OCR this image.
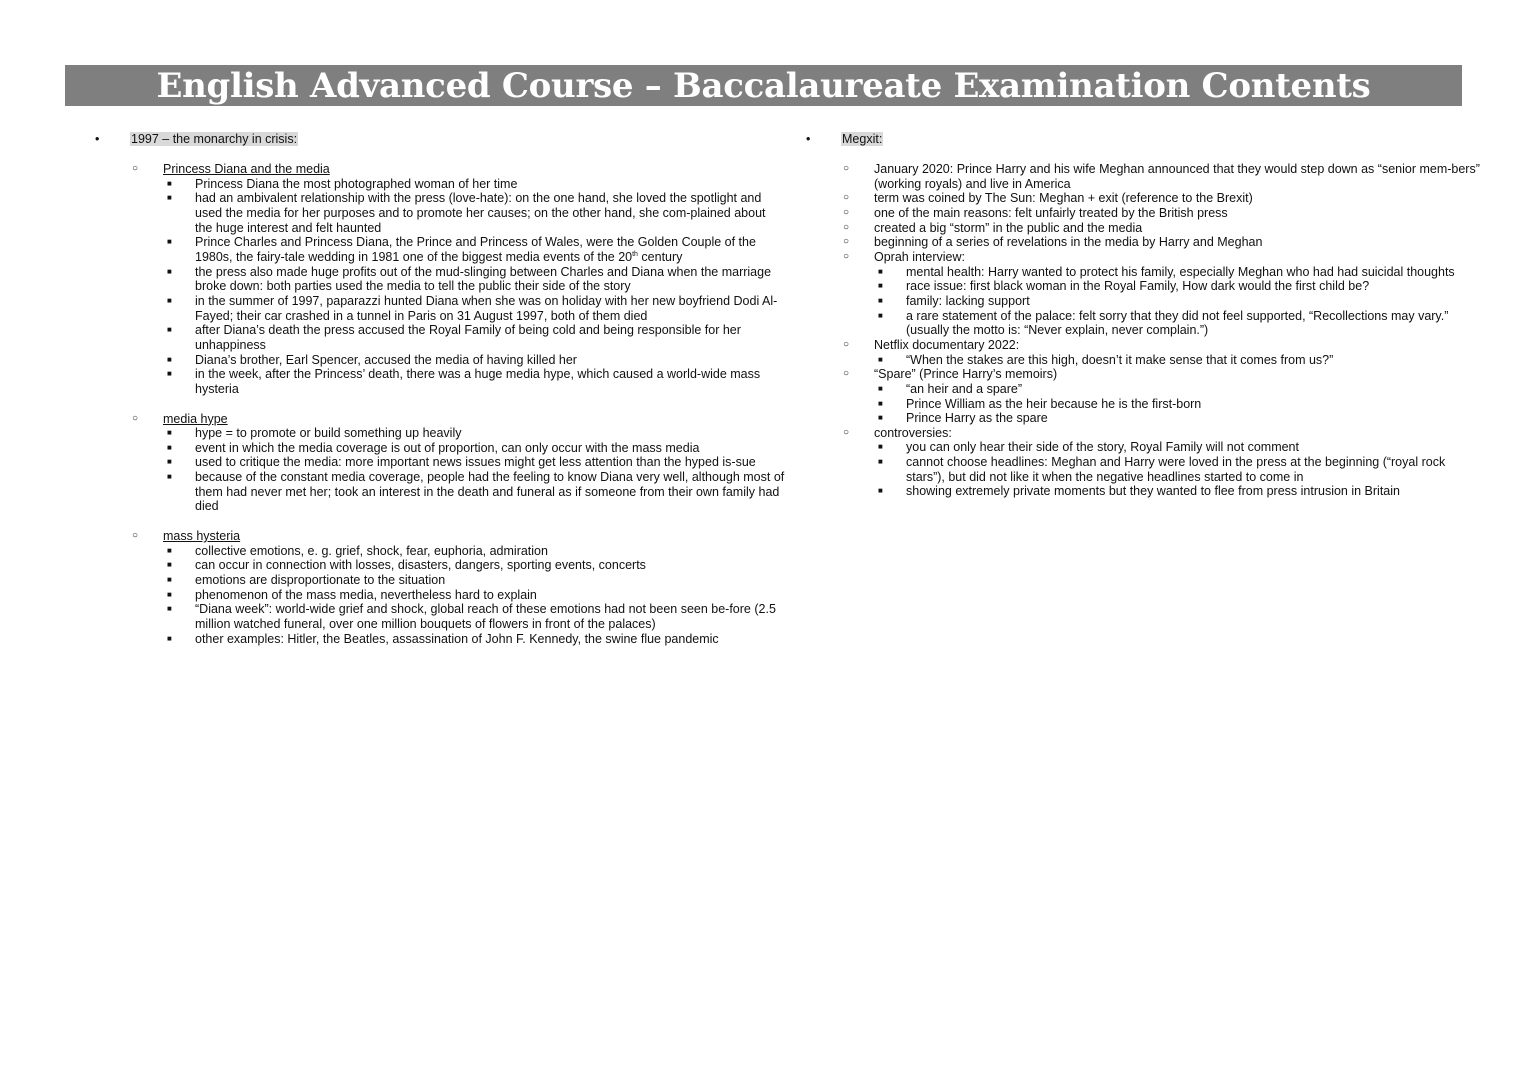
English Advanced Course – Baccalaureate Examination Contents
•	1997 – the monarchy in crisis:
○ Princess Diana and the media
■ Princess Diana the most photographed woman of her time
■ had an ambivalent relationship with the press (love-hate): on the one hand, she loved the spotlight and used the media for her purposes and to promote her causes; on the other hand, she com-plained about the huge interest and felt haunted
■ Prince Charles and Princess Diana, the Prince and Princess of Wales, were the Golden Couple of the 1980s, the fairy-tale wedding in 1981 one of the biggest media events of the 20th century
■ the press also made huge profits out of the mud-slinging between Charles and Diana when the marriage broke down: both parties used the media to tell the public their side of the story
■ in the summer of 1997, paparazzi hunted Diana when she was on holiday with her new boyfriend Dodi Al-Fayed; their car crashed in a tunnel in Paris on 31 August 1997, both of them died
■ after Diana’s death the press accused the Royal Family of being cold and being responsible for her unhappiness
■ Diana’s brother, Earl Spencer, accused the media of having killed her
■ in the week, after the Princess’ death, there was a huge media hype, which caused a world-wide mass hysteria
○ media hype
■ hype = to promote or build something up heavily
■ event in which the media coverage is out of proportion, can only occur with the mass media
■ used to critique the media: more important news issues might get less attention than the hyped is-sue
■ because of the constant media coverage, people had the feeling to know Diana very well, although most of them had never met her; took an interest in the death and funeral as if someone from their own family had died
○ mass hysteria
■ collective emotions, e. g. grief, shock, fear, euphoria, admiration
■ can occur in connection with losses, disasters, dangers, sporting events, concerts
■ emotions are disproportionate to the situation
■ phenomenon of the mass media, nevertheless hard to explain
■ “Diana week”: world-wide grief and shock, global reach of these emotions had not been seen be-fore (2.5 million watched funeral, over one million bouquets of flowers in front of the palaces)
■ other examples: Hitler, the Beatles, assassination of John F. Kennedy, the swine flue pandemic
•	Megxit:
○ January 2020: Prince Harry and his wife Meghan announced that they would step down as “senior mem-bers” (working royals) and live in America
○ term was coined by The Sun: Meghan + exit (reference to the Brexit)
○ one of the main reasons: felt unfairly treated by the British press
○ created a big “storm” in the public and the media
○ beginning of a series of revelations in the media by Harry and Meghan
○ Oprah interview:
■ mental health: Harry wanted to protect his family, especially Meghan who had had suicidal thoughts
■ race issue: first black woman in the Royal Family, How dark would the first child be?
■ family: lacking support
■ a rare statement of the palace: felt sorry that they did not feel supported, “Recollections may vary.” (usually the motto is: “Never explain, never complain.”)
○ Netflix documentary 2022:
■ “When the stakes are this high, doesn’t it make sense that it comes from us?”
○ “Spare” (Prince Harry’s memoirs)
■ “an heir and a spare”
■ Prince William as the heir because he is the first-born
■ Prince Harry as the spare
○ controversies:
■ you can only hear their side of the story, Royal Family will not comment
■ cannot choose headlines: Meghan and Harry were loved in the press at the beginning (“royal rock stars”), but did not like it when the negative headlines started to come in
■ showing extremely private moments but they wanted to flee from press intrusion in Britain
